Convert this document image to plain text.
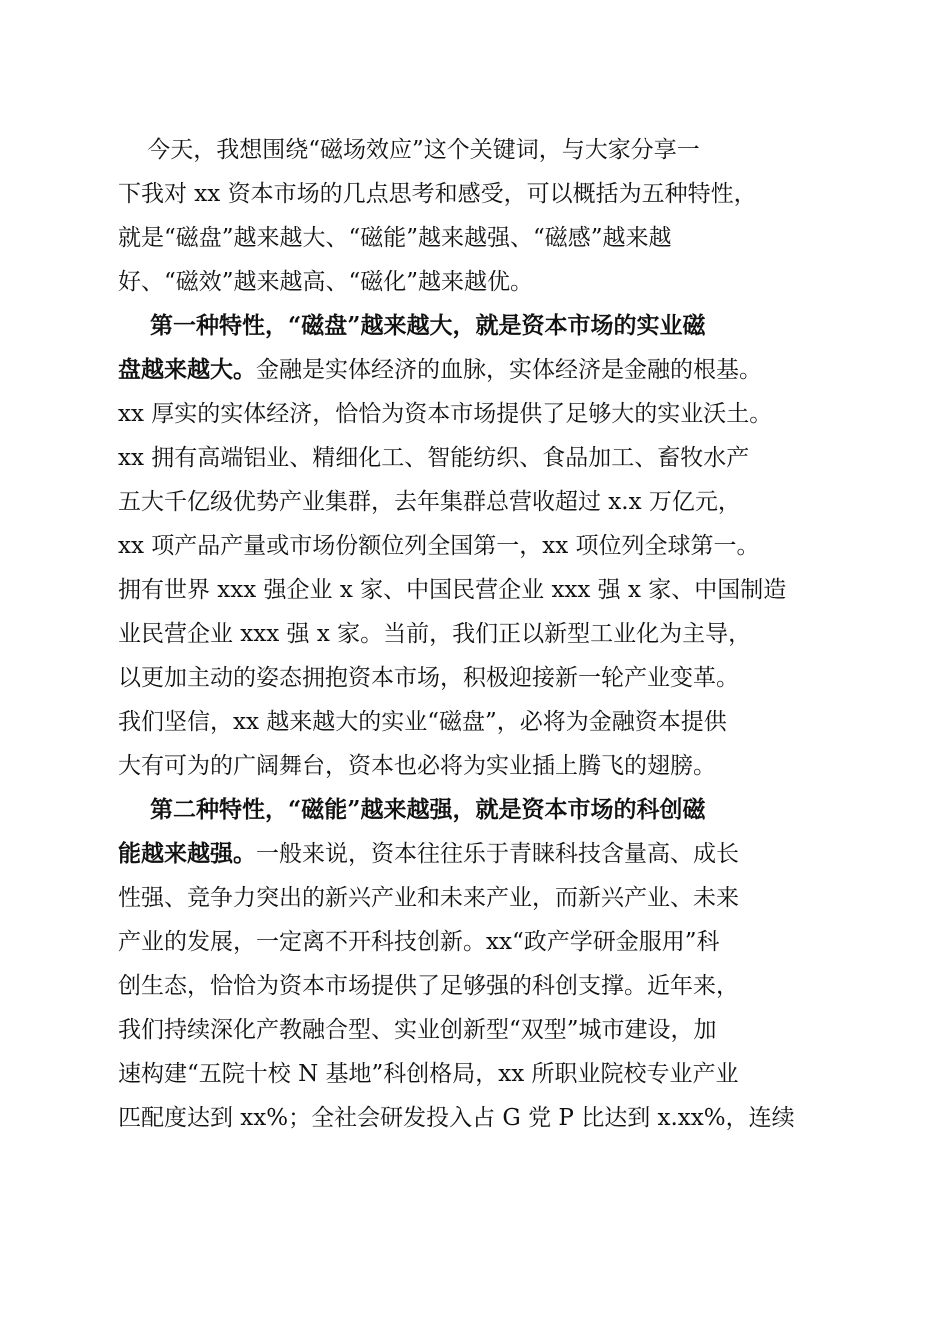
今天，我想围绕“磁场效应”这个关键词，与大家分享一
下我对 xx 资本市场的几点思考和感受，可以概括为五种特性，
就是“磁盘”越来越大、“磁能”越来越强、“磁感”越来越
好、“磁效”越来越高、“磁化”越来越优。
第一种特性，“磁盘”越来越大，就是资本市场的实业磁
盘越来越大。金融是实体经济的血脉，实体经济是金融的根基。
xx 厚实的实体经济，恰恰为资本市场提供了足够大的实业沃土。
xx 拥有高端铝业、精细化工、智能纺织、食品加工、畜牧水产
五大千亿级优势产业集群，去年集群总营收超过 x.x 万亿元，
xx 项产品产量或市场份额位列全国第一，xx 项位列全球第一。
拥有世界 xxx 强企业 x 家、中国民营企业 xxx 强 x 家、中国制造
业民营企业 xxx 强 x 家。当前，我们正以新型工业化为主导，
以更加主动的姿态拥抱资本市场，积极迎接新一轮产业变革。
我们坚信，xx 越来越大的实业“磁盘”，必将为金融资本提供
大有可为的广阔舞台，资本也必将为实业插上腾飞的翅膀。
第二种特性，“磁能”越来越强，就是资本市场的科创磁
能越来越强。一般来说，资本往往乐于青睐科技含量高、成长
性强、竞争力突出的新兴产业和未来产业，而新兴产业、未来
产业的发展，一定离不开科技创新。xx“政产学研金服用”科
创生态，恰恰为资本市场提供了足够强的科创支撑。近年来，
我们持续深化产教融合型、实业创新型“双型”城市建设，加
速构建“五院十校 N 基地”科创格局，xx 所职业院校专业产业
匹配度达到 xx%；全社会研发投入占 G 党 P 比达到 x.xx%，连续
